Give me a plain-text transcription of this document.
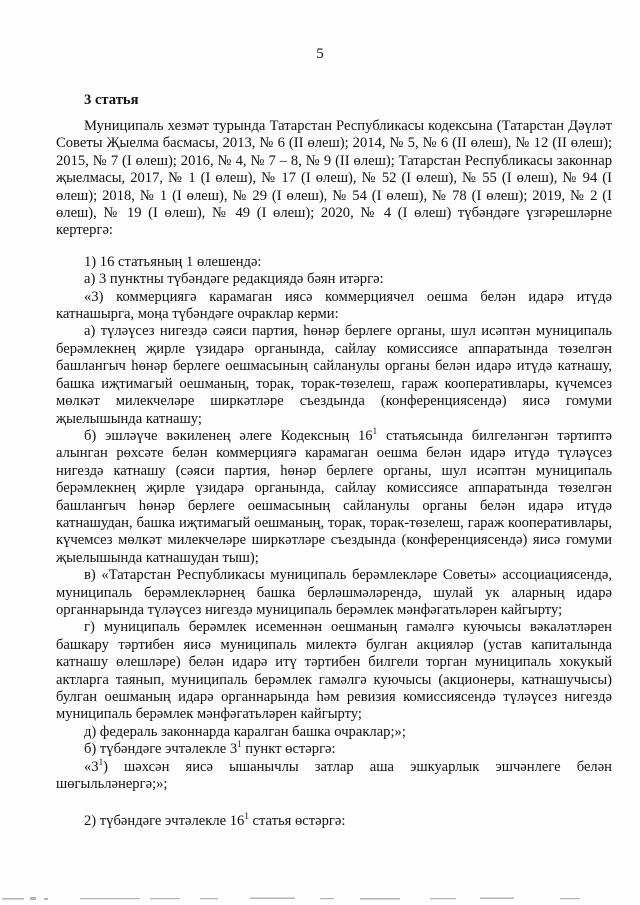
5
3 статья

Муниципаль хезмәт турында Татарстан Республикасы кодексына (Татарстан Дәүләт Советы Җыелма басмасы, 2013, № 6 (II өлеш); 2014, № 5, № 6 (II өлеш), № 12 (II өлеш); 2015, № 7 (I өлеш); 2016, № 4, № 7 – 8, № 9 (II өлеш); Татарстан Республикасы законнар җыелмасы, 2017, № 1 (I өлеш), № 17 (I өлеш), № 52 (I өлеш), № 55 (I өлеш), № 94 (I өлеш); 2018, № 1 (I өлеш), № 29 (I өлеш), № 54 (I өлеш), № 78 (I өлеш); 2019, № 2 (I өлеш), № 19 (I өлеш), № 49 (I өлеш); 2020, № 4 (I өлеш) түбәндәге үзгәрешләрне кертергә:

1) 16 статьяның 1 өлешендә:

а) 3 пунктны түбәндәге редакциядә бәян итәргә:

«3) коммерциягә карамаган иясә коммерциячел оешма белән идарә итүдә катнашырга, моңа түбәндәге очраклар керми:

а) түләүсез нигездә сәяси партия, һөнәр берлеге органы, шул исәптән муниципаль берәмлекнең җирле үзидарә органында, сайлау комиссиясе аппаратында төзелгән башлангыч һөнәр берлеге оешмасының сайланулы органы белән идарә итүдә катнашу, башка иҗтимагый оешманың, торак, торак-төзелеш, гараж кооперативлары, күчемсез мөлкәт милекчеләре ширкәтләре съездында (конференциясендә) яисә гомуми җыелышында катнашу;

б) эшләүче вәкиленең әлеге Кодексның $16^1$ статьясында билгеләнгән тәртиптә алынган рөхсәте белән коммерциягә карамаган оешма белән идарә итүдә түләүсез нигездә катнашу (сәяси партия, һөнәр берлеге органы, шул исәптән муниципаль берәмлекнең җирле үзидарә органында, сайлау комиссиясе аппаратында төзелгән башлангыч һөнәр берлеге оешмасының сайланулы органы белән идарә итүдә катнашудан, башка иҗтимагый оешманың, торак, торак-төзелеш, гараж кооперативлары, күчемсез мөлкәт милекчеләре ширкәтләре съездында (конференциясендә) яисә гомуми җыелышында катнашудан тыш);

в) «Татарстан Республикасы муниципаль берәмлекләре Советы» ассоциациясендә, муниципаль берәмлекләрнең башка берләшмәләрендә, шулай ук аларның идарә органнарында түләүсез нигездә муниципаль берәмлек мәнфәгатьләрен кайгырту;

г) муниципаль берәмлек исеменнән оешманың гамәлгә куючысы вәкаләтләрен башкару тәртибен яисә муниципаль милектә булган акцияләр (устав капиталында катнашу өлешләре) белән идарә итү тәртибен билгели торган муниципаль хокукый актларга таянып, муниципаль берәмлек гамәлгә куючысы (акционеры, катнашучысы) булган оешманың идарә органнарында һәм ревизия комиссиясендә түләүсез нигездә муниципаль берәмлек мәнфәгатьләрен кайгырту;

д) федераль законнарда каралган башка очраклар;»;

б) түбәндәге эчтәлекле $3^1$ пункт өстәргә:

«$3^1$) шәхсән яисә ышанычлы затлар аша эшкуарлык эшчәнлеге белән шөгыльләнергә;»;

2) түбәндәге эчтәлекле $16^1$ статья өстәргә:
